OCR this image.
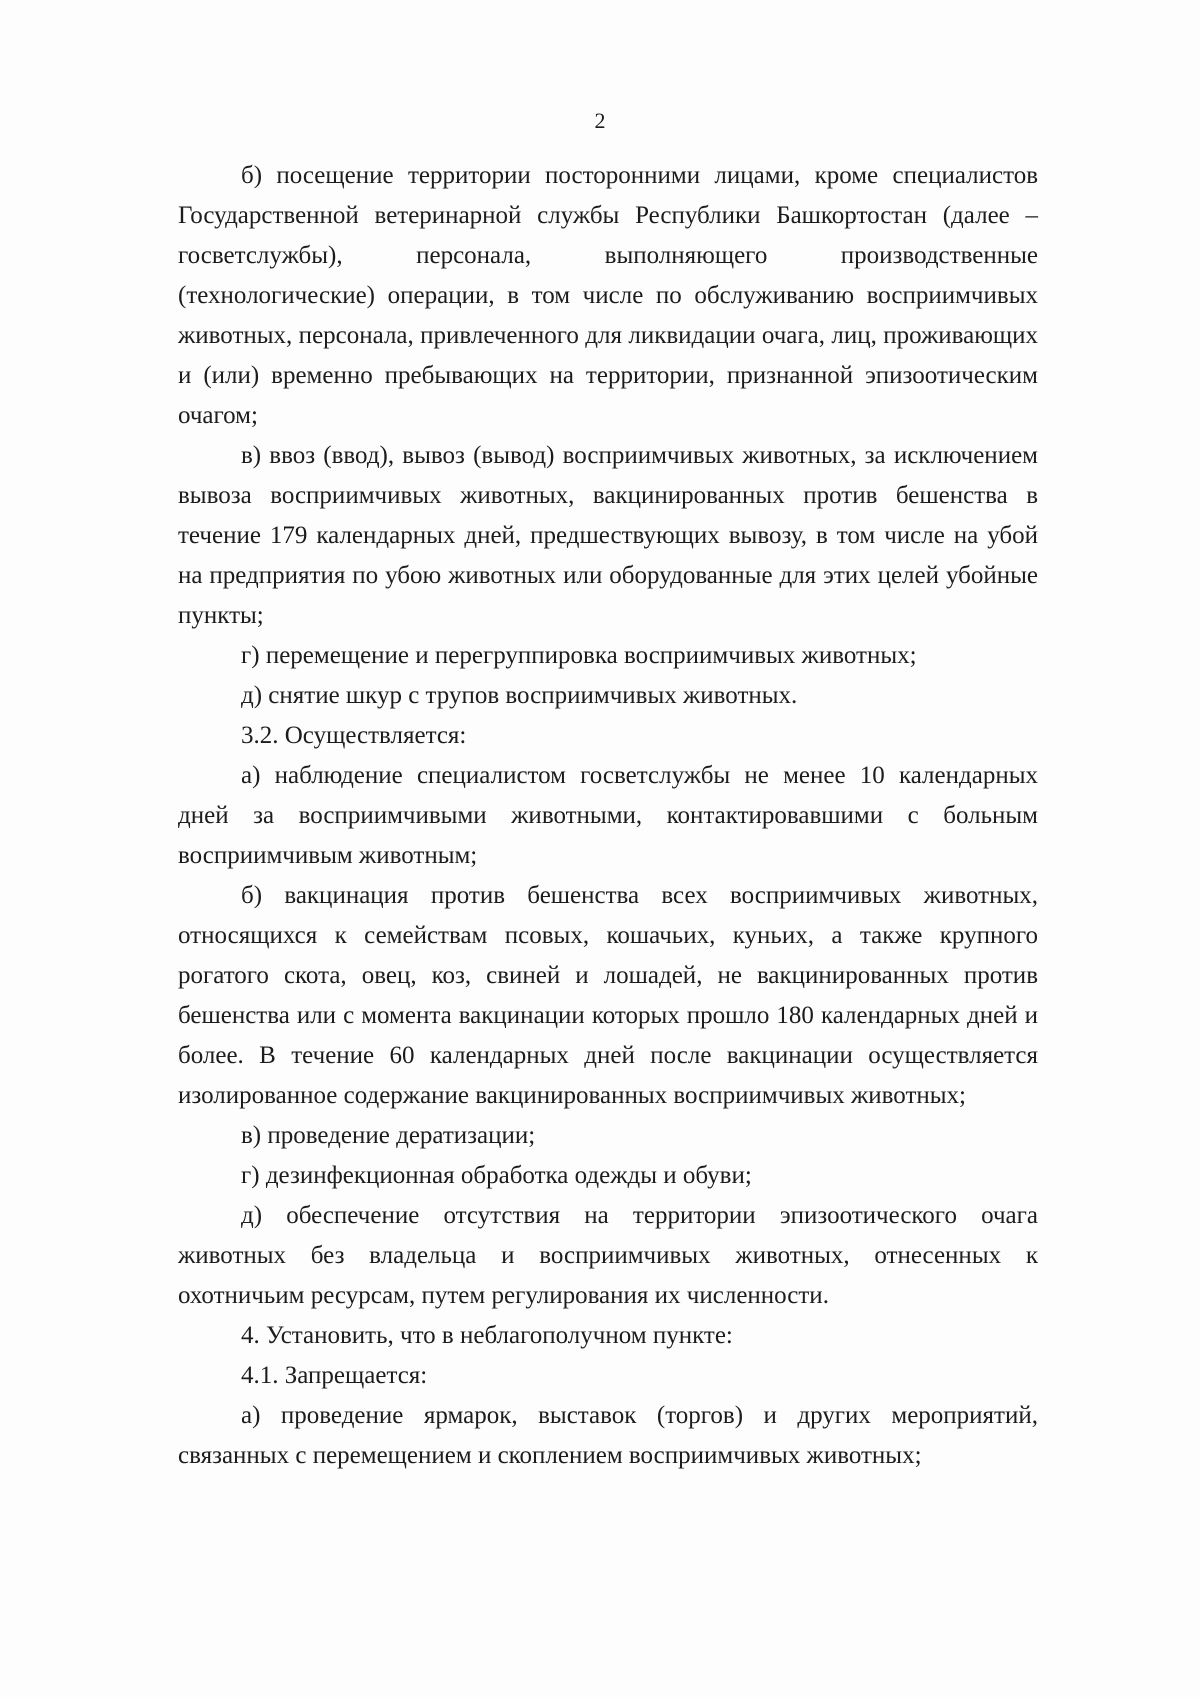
2

б) посещение территории посторонними лицами, кроме специалистов Государственной ветеринарной службы Республики Башкортостан (далее – госветслужбы), персонала, выполняющего производственные (технологические) операции, в том числе по обслуживанию восприимчивых животных, персонала, привлеченного для ликвидации очага, лиц, проживающих и (или) временно пребывающих на территории, признанной эпизоотическим очагом;

в) ввоз (ввод), вывоз (вывод) восприимчивых животных, за исключением вывоза восприимчивых животных, вакцинированных против бешенства в течение 179 календарных дней, предшествующих вывозу, в том числе на убой на предприятия по убою животных или оборудованные для этих целей убойные пункты;

г) перемещение и перегруппировка восприимчивых животных;

д) снятие шкур с трупов восприимчивых животных.

3.2. Осуществляется:

а) наблюдение специалистом госветслужбы не менее 10 календарных дней за восприимчивыми животными, контактировавшими с больным восприимчивым животным;

б) вакцинация против бешенства всех восприимчивых животных, относящихся к семействам псовых, кошачьих, куньих, а также крупного рогатого скота, овец, коз, свиней и лошадей, не вакцинированных против бешенства или с момента вакцинации которых прошло 180 календарных дней и более. В течение 60 календарных дней после вакцинации осуществляется изолированное содержание вакцинированных восприимчивых животных;

в) проведение дератизации;

г) дезинфекционная обработка одежды и обуви;

д) обеспечение отсутствия на территории эпизоотического очага животных без владельца и восприимчивых животных, отнесенных к охотничьим ресурсам, путем регулирования их численности.

4. Установить, что в неблагополучном пункте:

4.1. Запрещается:

а) проведение ярмарок, выставок (торгов) и других мероприятий, связанных с перемещением и скоплением восприимчивых животных;
